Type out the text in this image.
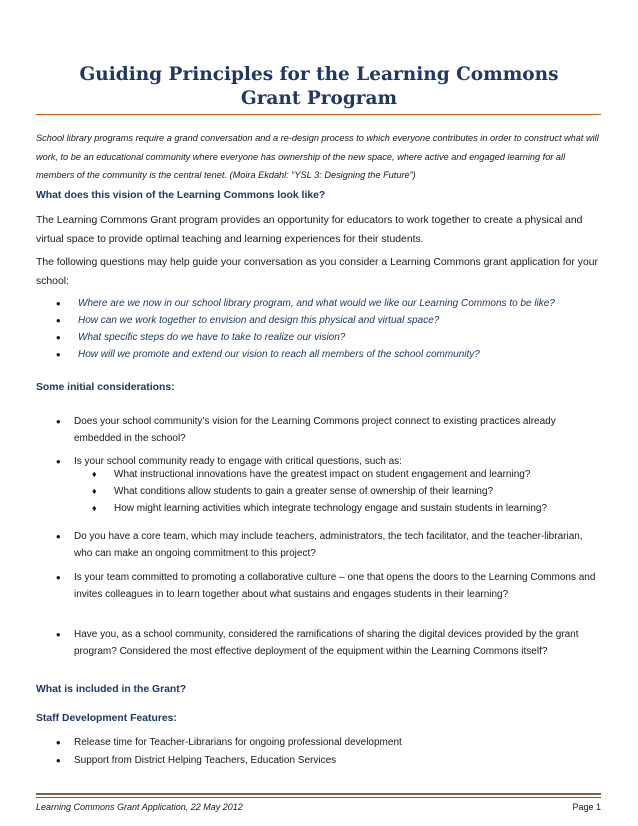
Guiding Principles for the Learning Commons
Grant Program

School library programs require a grand conversation and a re-design process to which everyone contributes in order to construct what will work, to be an educational community where everyone has ownership of the new space, where active and engaged learning for all members of the community is the central tenet. (Moira Ekdahl: “YSL 3: Designing the Future”)

What does this vision of the Learning Commons look like?

The Learning Commons Grant program provides an opportunity for educators to work together to create a physical and virtual space to provide optimal teaching and learning experiences for their students.

The following questions may help guide your conversation as you consider a Learning Commons grant application for your school:

• Where are we now in our school library program, and what would we like our Learning Commons to be like?
• How can we work together to envision and design this physical and virtual space?
• What specific steps do we have to take to realize our vision?
• How will we promote and extend our vision to reach all members of the school community?

Some initial considerations:

• Does your school community’s vision for the Learning Commons project connect to existing practices already embedded in the school?
• Is your school community ready to engage with critical questions, such as:
♦ What instructional innovations have the greatest impact on student engagement and learning?
♦ What conditions allow students to gain a greater sense of ownership of their learning?
♦ How might learning activities which integrate technology engage and sustain students in learning?
• Do you have a core team, which may include teachers, administrators, the tech facilitator, and the teacher-librarian, who can make an ongoing commitment to this project?
• Is your team committed to promoting a collaborative culture – one that opens the doors to the Learning Commons and invites colleagues in to learn together about what sustains and engages students in their learning?
• Have you, as a school community, considered the ramifications of sharing the digital devices provided by the grant program? Considered the most effective deployment of the equipment within the Learning Commons itself?

What is included in the Grant?

Staff Development Features:

• Release time for Teacher-Librarians for ongoing professional development
• Support from District Helping Teachers, Education Services
Learning Commons Grant Application, 22 May 2012	Page 1
